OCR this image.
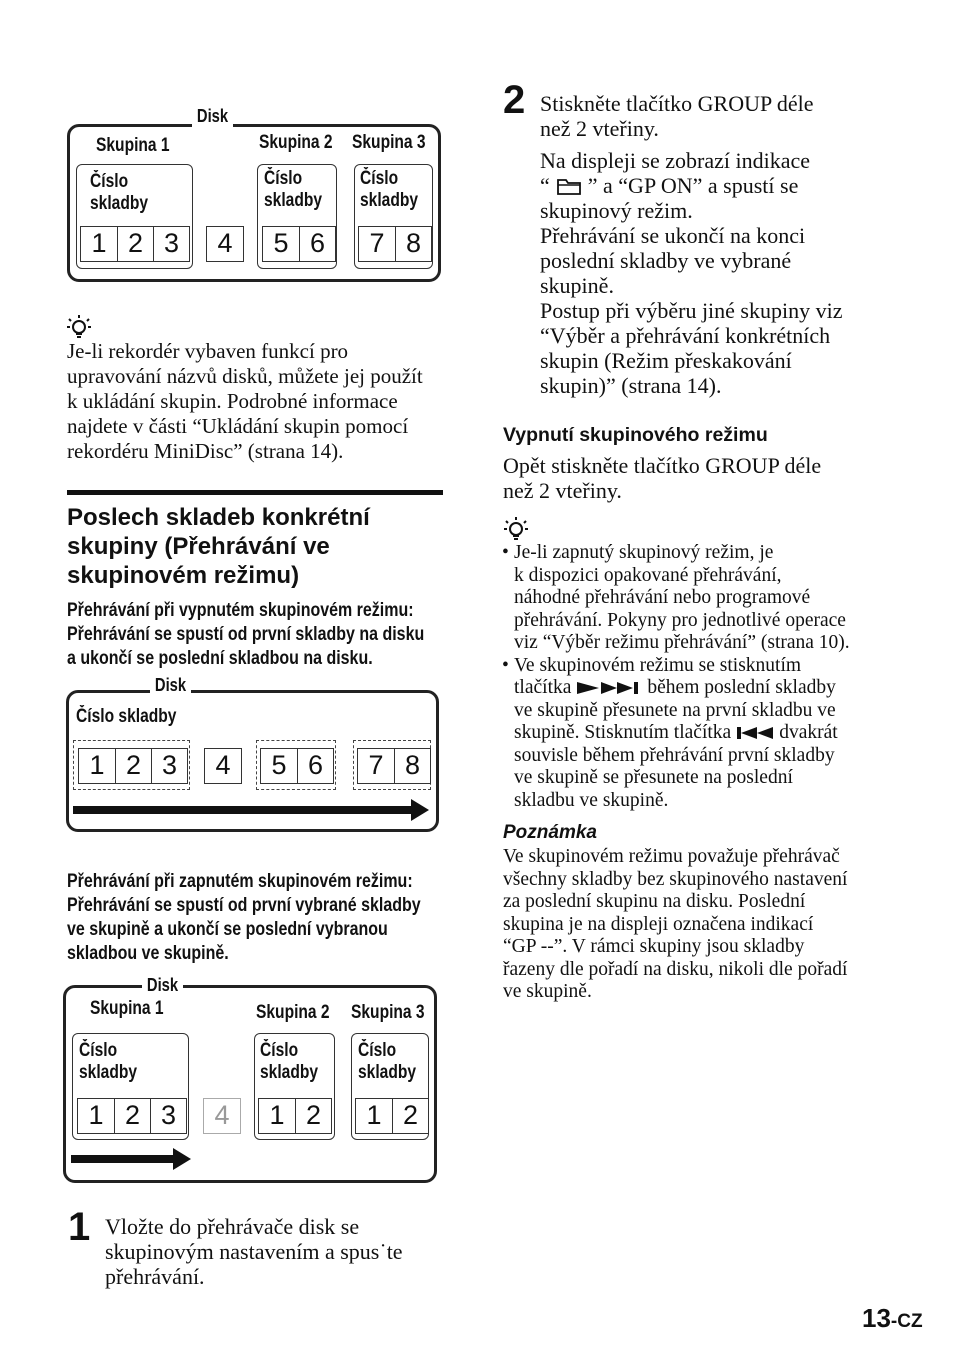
Disk
Skupina 1	Skupina 2 Skupina 3
Číslo
skladby
1 2 3	4
Číslo
skladby
5 6
Číslo
skladby
7 8
Je-li rekordér vybaven funkcí pro
upravování názvů disků, můžete jej použít
k ukládání skupin. Podrobné informace
najdete v části “Ukládání skupin pomocí
rekordéru MiniDisc” (strana 14).
Poslech skladeb konkrétní
skupiny (Přehrávání ve
skupinovém režimu)
Přehrávání při vypnutém skupinovém režimu:
Přehrávání se spustí od první skladby na disku
a ukončí se poslední skladbou na disku.
Disk
Číslo skladby
1 2 3	4	5 6	7 8
Přehrávání při zapnutém skupinovém režimu:
Přehrávání se spustí od první vybrané skladby
ve skupině a ukončí se poslední vybranou
skladbou ve skupině.
Disk
Skupina 1	Skupina 2 Skupina 3
Číslo
skladby
1 2 3	4
Číslo
skladby
1 2
Číslo
skladby
1 2
1 Vložte do přehrávače disk se
skupinovým nastavením a spus˙te
přehrávání.
2 Stiskněte tlačítko GROUP déle
než 2 vteřiny.
Na displeji se zobrazí indikace
“ ” a “GP ON” a spustí se
skupinový režim.
Přehrávání se ukončí na konci
poslední skladby ve vybrané
skupině.
Postup při výběru jiné skupiny viz
“Výběr a přehrávání konkrétních
skupin (Režim přeskakování
skupin)” (strana 14).
Vypnutí skupinového režimu
Opět stiskněte tlačítko GROUP déle
než 2 vteřiny.
• Je-li zapnutý skupinový režim, je
k dispozici opakované přehrávání,
náhodné přehrávání nebo programové
přehrávání. Pokyny pro jednotlivé operace
viz “Výběr režimu přehrávání” (strana 10).
• Ve skupinovém režimu se stisknutím
tlačítka	během poslední skladby
ve skupině přesunete na první skladbu ve
skupině. Stisknutím tlačítka dvakrát
souvisle během přehrávání první skladby
ve skupině se přesunete na poslední
skladbu ve skupině.
Poznámka
Ve skupinovém režimu považuje přehrávač
všechny skladby bez skupinového nastavení
za poslední skupinu na disku. Poslední
skupina je na displeji označena indikací
“GP --”. V rámci skupiny jsou skladby
řazeny dle pořadí na disku, nikoli dle pořadí
ve skupině.
13-CZ
